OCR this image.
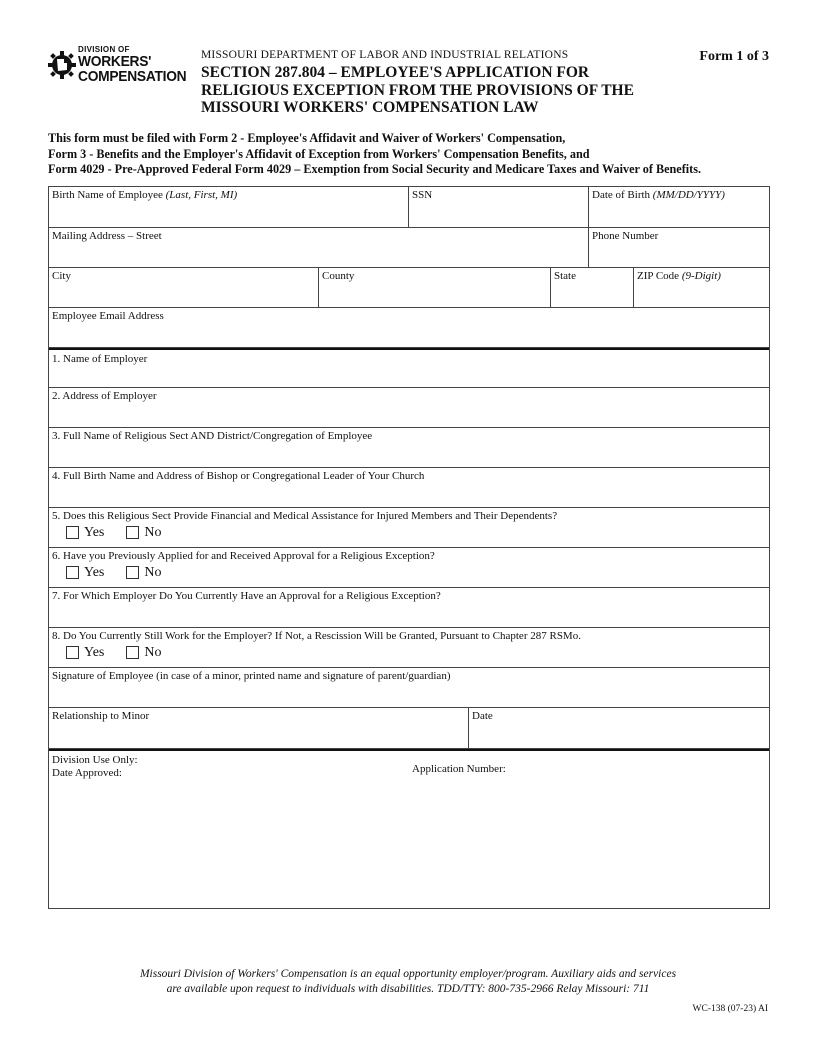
DIVISION OF
WORKERS'
COMPENSATION
MISSOURI DEPARTMENT OF LABOR AND INDUSTRIAL RELATIONS
SECTION 287.804 – EMPLOYEE'S APPLICATION FOR RELIGIOUS EXCEPTION FROM THE PROVISIONS OF THE MISSOURI WORKERS' COMPENSATION LAW
Form 1 of 3
This form must be filed with Form 2 - Employee's Affidavit and Waiver of Workers' Compensation,
Form 3 - Benefits and the Employer's Affidavit of Exception from Workers' Compensation Benefits, and
Form 4029 - Pre-Approved Federal Form 4029 – Exemption from Social Security and Medicare Taxes and Waiver of Benefits.
Birth Name of Employee (Last, First, MI)	SSN	Date of Birth (MM/DD/YYYY)
Mailing Address – Street	Phone Number
City	County	State	ZIP Code (9-Digit)
Employee Email Address
1. Name of Employer
2. Address of Employer
3. Full Name of Religious Sect AND District/Congregation of Employee
4. Full Birth Name and Address of Bishop or Congregational Leader of Your Church
5. Does this Religious Sect Provide Financial and Medical Assistance for Injured Members and Their Dependents?
Yes	No
6. Have you Previously Applied for and Received Approval for a Religious Exception?
Yes	No
7. For Which Employer Do You Currently Have an Approval for a Religious Exception?
8. Do You Currently Still Work for the Employer? If Not, a Rescission Will be Granted, Pursuant to Chapter 287 RSMo.
Yes	No
Signature of Employee (in case of a minor, printed name and signature of parent/guardian)
Relationship to Minor	Date
Division Use Only:
Date Approved:	Application Number:
Missouri Division of Workers' Compensation is an equal opportunity employer/program. Auxiliary aids and services
are available upon request to individuals with disabilities. TDD/TTY: 800-735-2966 Relay Missouri: 711
WC-138 (07-23) AI
